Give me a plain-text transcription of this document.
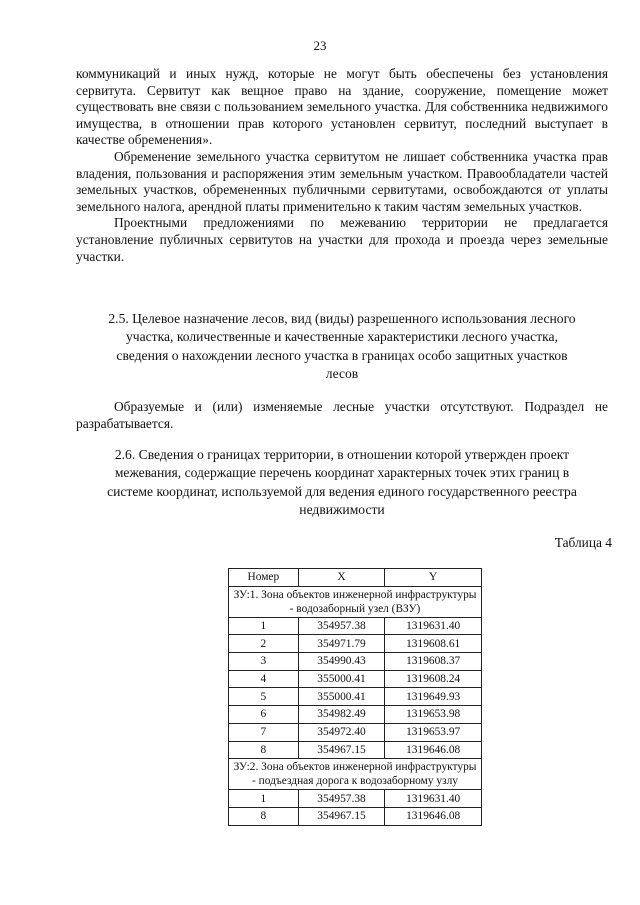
23

коммуникаций и иных нужд, которые не могут быть обеспечены без установления сервитута. Сервитут как вещное право на здание, сооружение, помещение может существовать вне связи с пользованием земельного участка. Для собственника недвижимого имущества, в отношении прав которого установлен сервитут, последний выступает в качестве обременения».

Обременение земельного участка сервитутом не лишает собственника участка прав владения, пользования и распоряжения этим земельным участком. Правообладатели частей земельных участков, обремененных публичными сервитутами, освобождаются от уплаты земельного налога, арендной платы применительно к таким частям земельных участков.

Проектными предложениями по межеванию территории не предлагается установление публичных сервитутов на участки для прохода и проезда через земельные участки.

2.5. Целевое назначение лесов, вид (виды) разрешенного использования лесного участка, количественные и качественные характеристики лесного участка, сведения о нахождении лесного участка в границах особо защитных участков лесов

Образуемые и (или) изменяемые лесные участки отсутствуют. Подраздел не разрабатывается.

2.6. Сведения о границах территории, в отношении которой утвержден проект межевания, содержащие перечень координат характерных точек этих границ в системе координат, используемой для ведения единого государственного реестра недвижимости
Таблица 4
Номер	X	Y
ЗУ:1. Зона объектов инженерной инфраструктуры - водозаборный узел (ВЗУ)		
1	354957.38	1319631.40
2	354971.79	1319608.61
3	354990.43	1319608.37
4	355000.41	1319608.24
5	355000.41	1319649.93
6	354982.49	1319653.98
7	354972.40	1319653.97
8	354967.15	1319646.08
ЗУ:2. Зона объектов инженерной инфраструктуры - подъездная дорога к водозаборному узлу		
1	354957.38	1319631.40
8	354967.15	1319646.08
